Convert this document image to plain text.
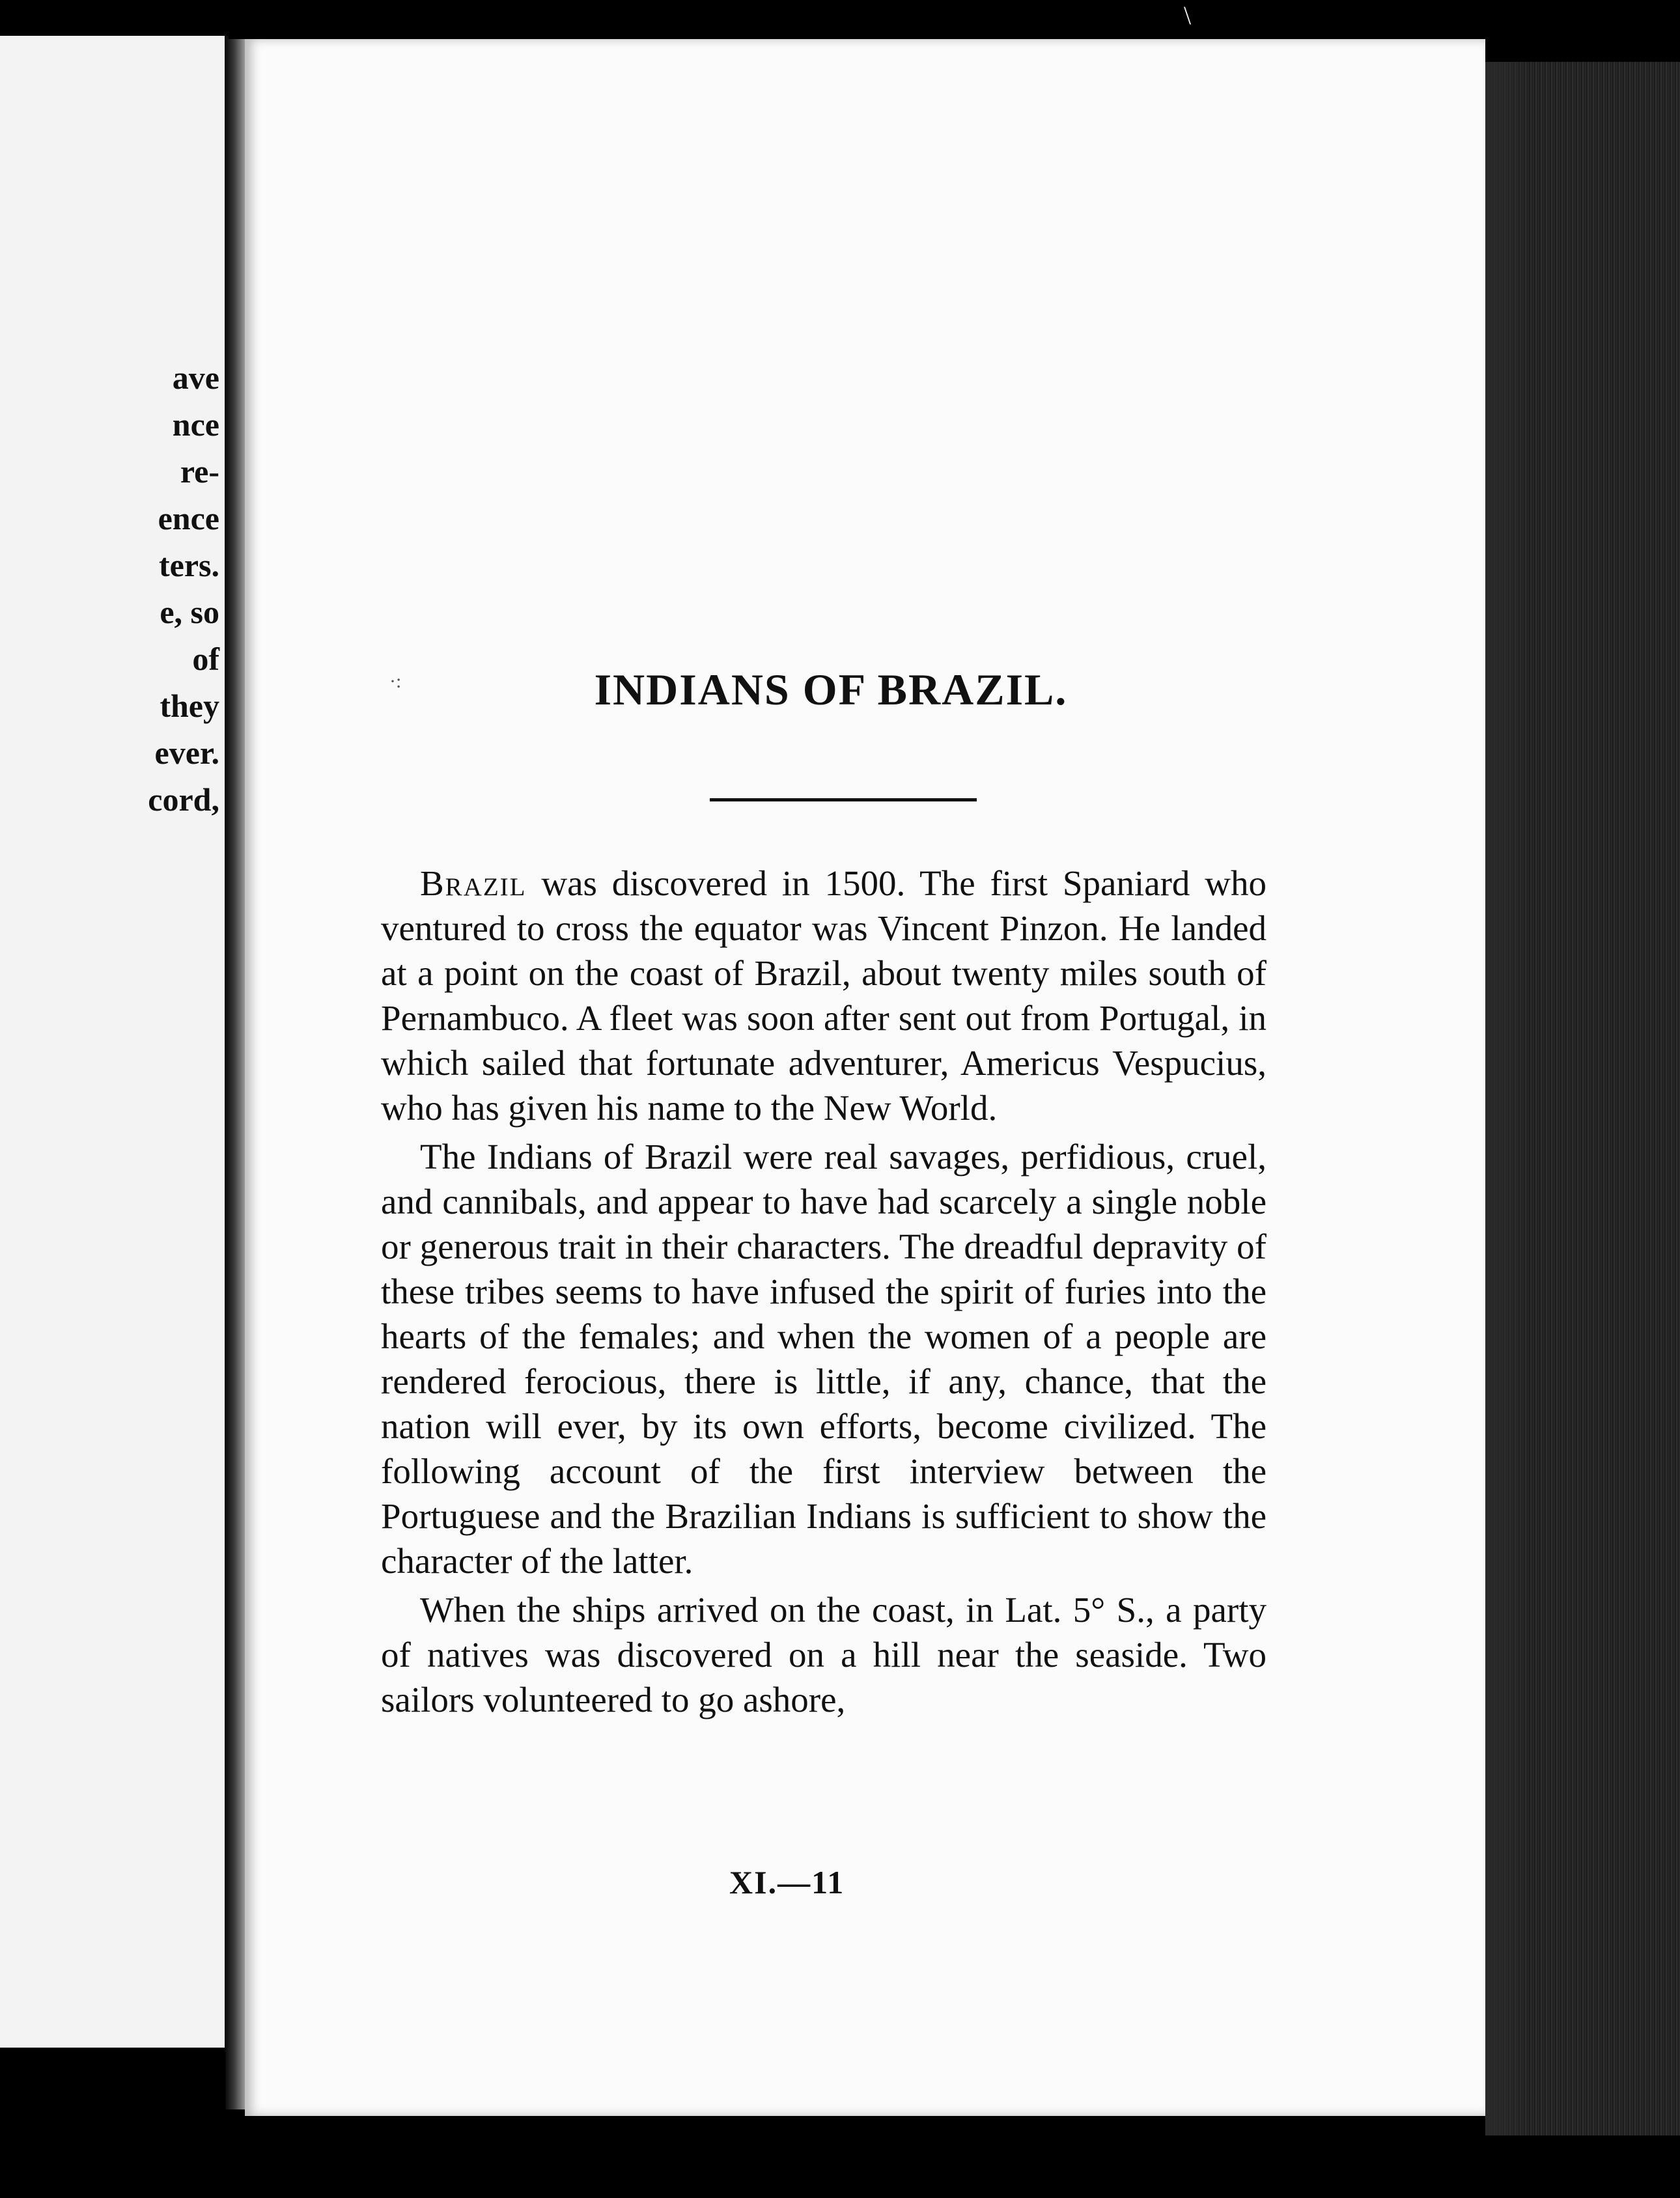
ave
nce
re-
ence
ters.
e, so
of
they
ever.
cord,
\
·:	INDIANS OF BRAZIL.

Brazil was discovered in 1500. The first Spaniard who ventured to cross the equator was Vincent Pinzon. He landed at a point on the coast of Brazil, about twenty miles south of Pernambuco. A fleet was soon after sent out from Portugal, in which sailed that fortunate adventurer, Americus Vespucius, who has given his name to the New World.

The Indians of Brazil were real savages, perfidious, cruel, and cannibals, and appear to have had scarcely a single noble or generous trait in their characters. The dreadful depravity of these tribes seems to have infused the spirit of furies into the hearts of the females; and when the women of a people are rendered ferocious, there is little, if any, chance, that the nation will ever, by its own efforts, become civilized. The following account of the first interview between the Portuguese and the Brazilian Indians is sufficient to show the character of the latter.

When the ships arrived on the coast, in Lat. 5° S., a party of natives was discovered on a hill near the seaside. Two sailors volunteered to go ashore,

XI.—11
